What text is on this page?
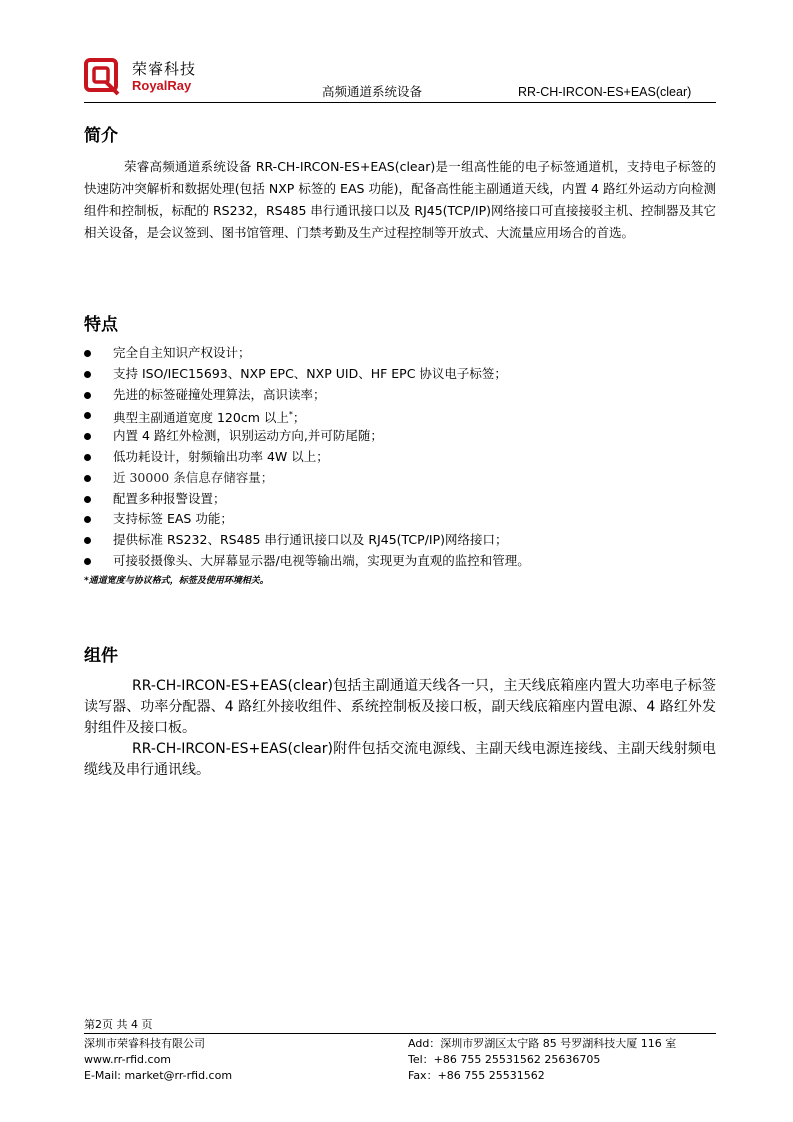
荣睿科技
RoyalRay	高频通道系统设备	RR-CH-IRCON-ES+EAS(clear)
简介
荣睿高频通道系统设备 RR-CH-IRCON-ES+EAS(clear)是一组高性能的电子标签通道机，支持电子标签的快速防冲突解析和数据处理(包括 NXP 标签的 EAS 功能)，配备高性能主副通道天线，内置 4 路红外运动方向检测组件和控制板，标配的 RS232，RS485 串行通讯接口以及 RJ45(TCP/IP)网络接口可直接接驳主机、控制器及其它相关设备，是会议签到、图书馆管理、门禁考勤及生产过程控制等开放式、大流量应用场合的首选。
特点
完全自主知识产权设计；
支持 ISO/IEC15693、NXP EPC、NXP UID、HF EPC 协议电子标签；
先进的标签碰撞处理算法，高识读率；
典型主副通道宽度 120cm 以上*；
内置 4 路红外检测，识别运动方向,并可防尾随；
低功耗设计，射频输出功率 4W 以上；
近 30000 条信息存储容量；
配置多种报警设置；
支持标签 EAS 功能；
提供标准 RS232、RS485 串行通讯接口以及 RJ45(TCP/IP)网络接口；
可接驳摄像头、大屏幕显示器/电视等输出端，实现更为直观的监控和管理。
*通道宽度与协议格式，标签及使用环境相关。
组件
RR-CH-IRCON-ES+EAS(clear)包括主副通道天线各一只，主天线底箱座内置大功率电子标签读写器、功率分配器、4 路红外接收组件、系统控制板及接口板，副天线底箱座内置电源、4 路红外发射组件及接口板。
RR-CH-IRCON-ES+EAS(clear)附件包括交流电源线、主副天线电源连接线、主副天线射频电缆线及串行通讯线。
第2页 共 4 页
深圳市荣睿科技有限公司
www.rr-rfid.com
E-Mail: market@rr-rfid.com
Add：深圳市罗湖区太宁路 85 号罗湖科技大厦 116 室
Tel：+86 755 25531562 25636705
Fax：+86 755 25531562
